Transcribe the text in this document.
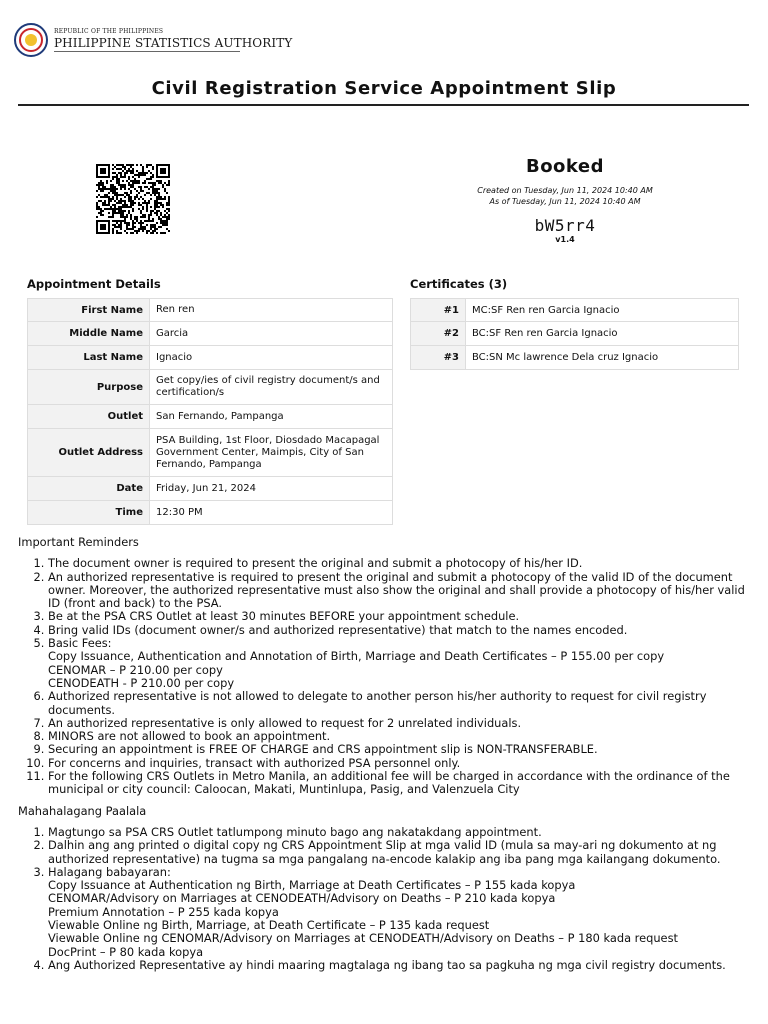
REPUBLIC OF THE PHILIPPINES
PHILIPPINE STATISTICS AUTHORITY
Civil Registration Service Appointment Slip
Booked
Created on Tuesday, Jun 11, 2024 10:40 AM
As of Tuesday, Jun 11, 2024 10:40 AM
bW5rr4
v1.4
Appointment Details
First Name	Ren ren
Middle Name	Garcia
Last Name	Ignacio
Purpose	Get copy/ies of civil registry document/s and certification/s
Outlet	San Fernando, Pampanga
Outlet Address	PSA Building, 1st Floor, Diosdado Macapagal Government Center, Maimpis, City of San Fernando, Pampanga
Date	Friday, Jun 21, 2024
Time	12:30 PM
Certificates (3)
#1	MC:SF Ren ren Garcia Ignacio
#2	BC:SF Ren ren Garcia Ignacio
#3	BC:SN Mc lawrence Dela cruz Ignacio
Important Reminders
1. The document owner is required to present the original and submit a photocopy of his/her ID.
2. An authorized representative is required to present the original and submit a photocopy of the valid ID of the document owner. Moreover, the authorized representative must also show the original and shall provide a photocopy of his/her valid ID (front and back) to the PSA.
3. Be at the PSA CRS Outlet at least 30 minutes BEFORE your appointment schedule.
4. Bring valid IDs (document owner/s and authorized representative) that match to the names encoded.
5. Basic Fees:
Copy Issuance, Authentication and Annotation of Birth, Marriage and Death Certificates – P 155.00 per copy
CENOMAR – P 210.00 per copy
CENODEATH - P 210.00 per copy
6. Authorized representative is not allowed to delegate to another person his/her authority to request for civil registry documents.
7. An authorized representative is only allowed to request for 2 unrelated individuals.
8. MINORS are not allowed to book an appointment.
9. Securing an appointment is FREE OF CHARGE and CRS appointment slip is NON-TRANSFERABLE.
10. For concerns and inquiries, transact with authorized PSA personnel only.
11. For the following CRS Outlets in Metro Manila, an additional fee will be charged in accordance with the ordinance of the municipal or city council: Caloocan, Makati, Muntinlupa, Pasig, and Valenzuela City
Mahahalagang Paalala
1. Magtungo sa PSA CRS Outlet tatlumpong minuto bago ang nakatakdang appointment.
2. Dalhin ang ang printed o digital copy ng CRS Appointment Slip at mga valid ID (mula sa may-ari ng dokumento at ng authorized representative) na tugma sa mga pangalang na-encode kalakip ang iba pang mga kailangang dokumento.
3. Halagang babayaran:
Copy Issuance at Authentication ng Birth, Marriage at Death Certificates – P 155 kada kopya
CENOMAR/Advisory on Marriages at CENODEATH/Advisory on Deaths – P 210 kada kopya
Premium Annotation – P 255 kada kopya
Viewable Online ng Birth, Marriage, at Death Certificate – P 135 kada request
Viewable Online ng CENOMAR/Advisory on Marriages at CENODEATH/Advisory on Deaths – P 180 kada request
DocPrint – P 80 kada kopya
4. Ang Authorized Representative ay hindi maaring magtalaga ng ibang tao sa pagkuha ng mga civil registry documents.
